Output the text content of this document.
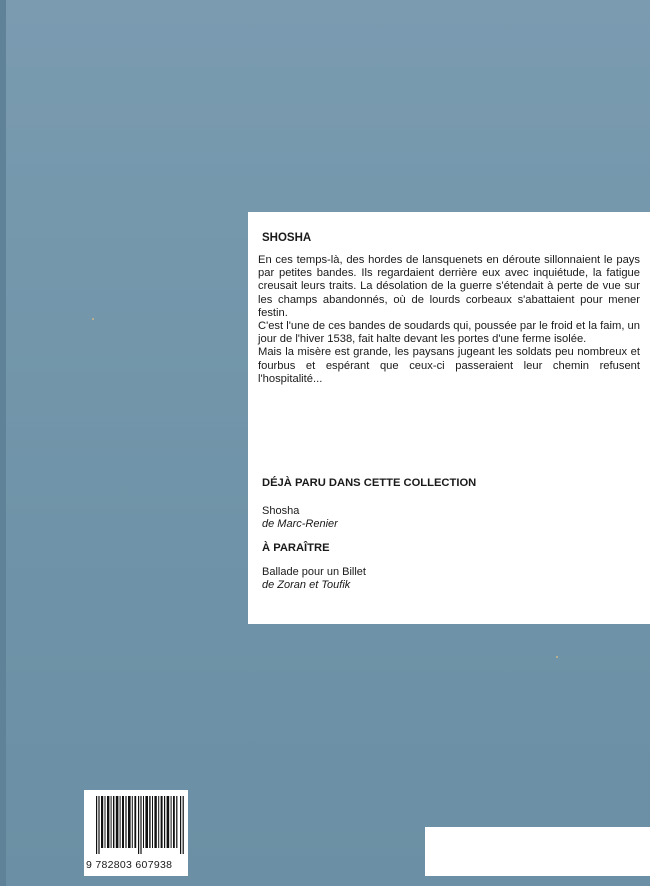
SHOSHA

En ces temps-là, des hordes de lansquenets en déroute sillonnaient le pays par petites bandes. Ils regardaient derrière eux avec inquiétude, la fatigue creusait leurs traits. La désolation de la guerre s'étendait à perte de vue sur les champs abandonnés, où de lourds corbeaux s'abattaient pour mener festin.

C'est l'une de ces bandes de soudards qui, poussée par le froid et la faim, un jour de l'hiver 1538, fait halte devant les portes d'une ferme isolée.

Mais la misère est grande, les paysans jugeant les soldats peu nombreux et fourbus et espérant que ceux-ci passeraient leur chemin refusent l'hospitalité...

DÉJÀ PARU DANS CETTE COLLECTION
Shosha
de Marc-Renier
À PARAÎTRE
Ballade pour un Billet
de Zoran et Toufik
9 782803 607938
